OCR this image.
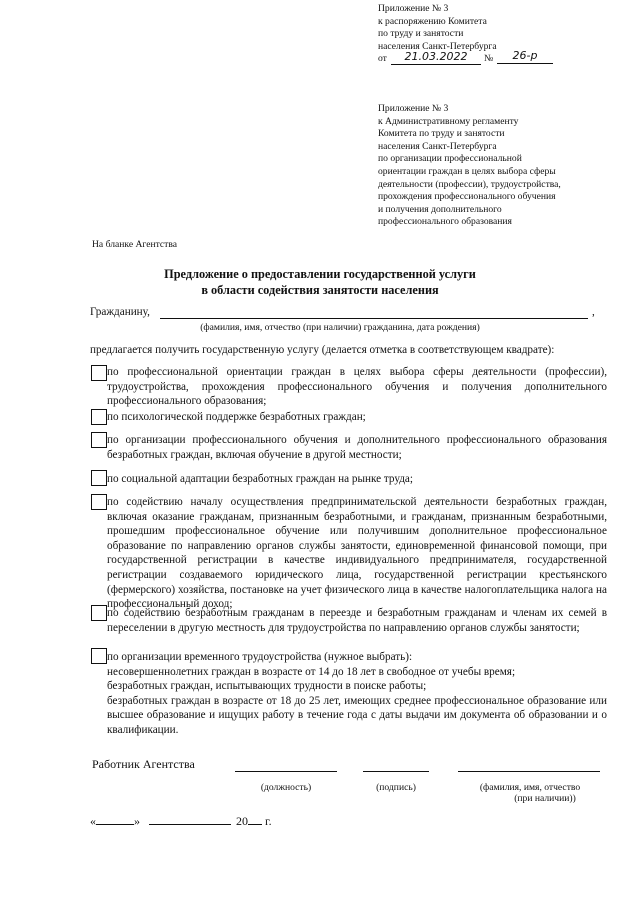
Приложение № 3
к распоряжению Комитета
по труду и занятости
населения Санкт-Петербурга
от	21.03.2022	№	26-р
Приложение № 3
к Административному регламенту
Комитета по труду и занятости
населения Санкт-Петербурга
по организации профессиональной
ориентации граждан в целях выбора сферы
деятельности (профессии), трудоустройства,
прохождения профессионального обучения
и получения дополнительного
профессионального образования
На бланке Агентства
Предложение о предоставлении государственной услуги
в области содействия занятости населения
Гражданину,	,
(фамилия, имя, отчество (при наличии) гражданина, дата рождения)
предлагается получить государственную услугу (делается отметка в соответствующем квадрате):
по профессиональной ориентации граждан в целях выбора сферы деятельности (профессии), трудоустройства, прохождения профессионального обучения и получения дополнительного профессионального образования;
по психологической поддержке безработных граждан;
по организации профессионального обучения и дополнительного профессионального образования безработных граждан, включая обучение в другой местности;
по социальной адаптации безработных граждан на рынке труда;
по содействию началу осуществления предпринимательской деятельности безработных граждан, включая оказание гражданам, признанным безработными, и гражданам, признанным безработными, прошедшим профессиональное обучение или получившим дополнительное профессиональное образование по направлению органов службы занятости, единовременной финансовой помощи, при государственной регистрации в качестве индивидуального предпринимателя, государственной регистрации создаваемого юридического лица, государственной регистрации крестьянского (фермерского) хозяйства, постановке на учет физического лица в качестве налогоплательщика налога на профессиональный доход;
по содействию безработным гражданам в переезде и безработным гражданам и членам их семей в переселении в другую местность для трудоустройства по направлению органов службы занятости;
по организации временного трудоустройства (нужное выбрать):
несовершеннолетних граждан в возрасте от 14 до 18 лет в свободное от учебы время;
безработных граждан, испытывающих трудности в поиске работы;
безработных граждан в возрасте от 18 до 25 лет, имеющих среднее профессиональное образование или высшее образование и ищущих работу в течение года с даты выдачи им документа об образовании и о квалификации.
Работник Агентства
(должность)	(подпись)	(фамилия, имя, отчество
(при наличии))
«	»	20 г.
